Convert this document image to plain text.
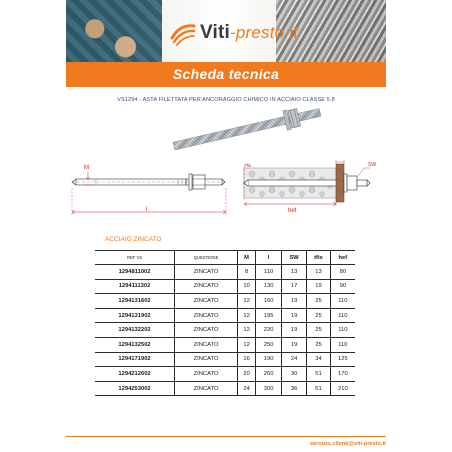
Viti-presto.it
Scheda tecnica
VS1294 - ASTA FILETTATA PER ANCORAGGIO CHIMICO IN ACCIAIO CLASSE 5.8
M
l
Tfix	SW
hef
ACCIAIO ZINCATO
REF VS	QUESTIONE	M	l	SW	tfix	hef
1294811002	ZINCATO	8	110	13	13	80
1294111302	ZINCATO	10	130	17	19	90
1294131602	ZINCATO	12	160	19	25	110
1294131902	ZINCATO	12	195	19	25	110
1294132202	ZINCATO	12	220	19	25	110
1294132502	ZINCATO	12	250	19	25	110
1294171902	ZINCATO	16	190	24	34	125
1294212602	ZINCATO	20	260	30	51	170
1294253002	ZINCATO	24	300	36	51	210
servizio.clienti@viti-presto.it
